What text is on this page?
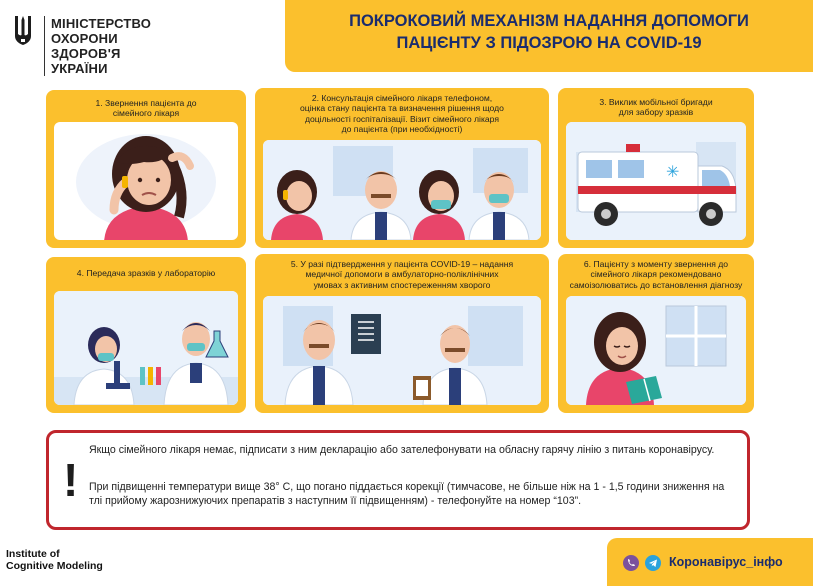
МІНІСТЕРСТВО
ОХОРОНИ
ЗДОРОВ'Я
УКРАЇНИ
ПОКРОКОВИЙ МЕХАНІЗМ НАДАННЯ ДОПОМОГИ
ПАЦІЄНТУ З ПІДОЗРОЮ НА COVID-19
1. Звернення пацієнта до
сімейного лікаря
2. Консультація сімейного лікаря телефоном,
оцінка стану пацієнта та визначення рішення щодо
доцільності госпіталізації. Візит сімейного лікаря
до пацієнта (при необхідності)
3. Виклик мобільної бригади
для забору зразків
✳
4. Передача зразків у лабораторію
5. У разі підтвердження у пацієнта COVID-19 – надання
медичної допомоги в амбулаторно-поліклінічних
умовах з активним спостереженням хворого
6. Пацієнту з моменту звернення до
сімейного лікаря рекомендовано
самоізолюватись до встановлення діагнозу
!

Якщо сімейного лікаря немає, підписати з ним декларацію або зателефонувати на обласну гарячу лінію з питань коронавірусу.

При підвищенні температури вище 38° С, що погано піддається корекції (тимчасове, не більше ніж на 1 - 1,5 години зниження на тлі прийому жарознижуючих препаратів з наступним її підвищенням) - телефонуйте на номер “103”.

Institute of
Cognitive Modeling	Коронавірус_інфо
